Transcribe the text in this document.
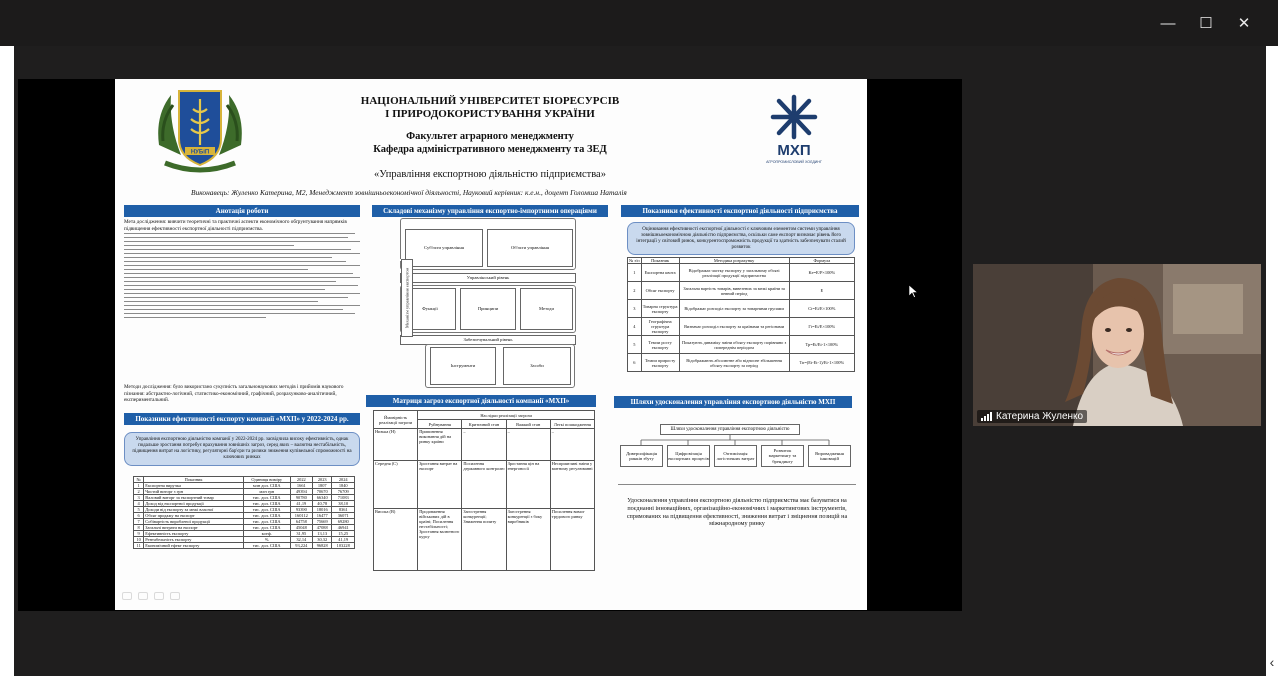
— ☐ ✕
‹
НУБіП
НАЦІОНАЛЬНИЙ УНІВЕРСИТЕТ БІОРЕСУРСІВ
І ПРИРОДОКОРИСТУВАННЯ УКРАЇНИ
Факультет аграрного менеджменту
Кафедра адміністративного менеджменту та ЗЕД
«Управління експортною діяльністю підприємства»
Виконавець: Жуленко Катерина, М2, Менеджмент зовнішньоекономічної діяльності, Науковий керівник: к.е.н., доцент Голомша Наталія
МХП
АГРОПРОМИСЛОВИЙ ХОЛДИНГ
Анотація роботи
Мета дослідження: вивчити теоретичні та практичні аспекти економічного обґрунтування напрямків підвищення ефективності експортної діяльності підприємства.
Методи дослідження: було використано сукупність загальнонаукових методів і прийомів наукового пізнання: абстрактно-логічний, статистико-економічний, графічний, розрахунково-аналітичний, експериментальний.
Показники ефективності експорту компанії «МХП» у 2022-2024 рр.
Управління експортною діяльністю компанії у 2022-2024 рр. засвідчила високу ефективність, однак подальше зростання потребує врахування зовнішніх загроз, серед яких – валютна нестабільність, підвищення витрат на логістику, регуляторні бар'єри та ризики зниження купівельної спроможності на ключових ринках
№	Показник	Одиниця виміру	2022	2023	2024
1	Експортна виручка	млн дол. США	1661	1807	1840
2	Чистий виторг з грн	млн грн	49394	70670	76709
3	Валовий виторг за експортний товар	тис. дол. США	90780	66340	71083
4	Доход від експортної продукції	тис. дол. США	41,19	40,78	38,10
5	Доходи від експорту за межі власної	тис. дол. США	93390	18016	8361
6	Обсяг продажу на експорт	тис. дол. США	160112	16477	36071
7	Собівартість виробленої продукції	тис. дол. США	64758	75669	69280
8	Загальні витрати на експорт	тис. дол. США	45048	47088	46941
9	Ефективність експорту	коеф.	31,95	13,13	15,25
10	Рентабельність експорту	%	32,14	30,32	41,19
11	Економічний ефект експорту	тис. дол. США	93,224	96828	103228
Складові механізму управління експортно-імпортними операціями
Суб'єкти управління	Об'єкти управління
Управлінський рівень
Функції	Принципи	Методи
Забезпечувальний рівень
Інструменти	Засоби
Механізм управління експортом
Матриця загроз експортної діяльності компанії «МХП»
Ймовірність реалізації загрози	Наслідки реалізації загрози			
	Руйнування	Критичний стан	Важкий стан	Легкі пошкодження
Низька (Н)	Припинення виконання дій на ринку країни	–	–	–
Середня (С)	Зростання витрат на експорт	Посилення державного контролю	Зростання цін на енергоносії	Несприятливі зміни у митному регулюванні
Висока (В)	Продовження військових дій в країні; Посилення нестабільності; Зростання валютного курсу	Загострення конкуренції; Зниження попиту	Загострення конкуренції з боку виробників	Посилення вимог трудового ринку
Показники ефективності експортної діяльності підприємства
Оцінювання ефективності експортної діяльності є ключовим елементом системи управління зовнішньоекономічною діяльністю підприємства, оскільки саме експорт визначає рівень його інтеграції у світовий ринок, конкурентоспроможність продукції та здатність забезпечувати сталий розвиток
№ з/п	Показник	Методика розрахунку	Формула
1	Експортна квота	Відображає частку експорту у загальному обсязі реалізації продукції підприємства	Kе=E/P×100%
2	Обсяг експорту	Загальна вартість товарів, вивезених за межі країни за певний період	E
3	Товарна структура експорту	Відображає розподіл експорту за товарними групами	Сі=Еі/Е×100%
4	Географічна структура експорту	Визначає розподіл експорту за країнами та регіонами	Гі=Еі/Е×100%
5	Темпи росту експорту	Показують динаміку зміни обсягу експорту порівняно з попереднім періодом	Тр=Еt/Еt-1×100%
6	Темпи приросту експорту	Відображають абсолютне або відносне збільшення обсягу експорту за період	Тп=(Еt-Еt-1)/Еt-1×100%
Шляхи удосконалення управління експортною діяльністю МХП
Шляхи удосконалення управління експортною діяльністю
Диверсифікація ринків збуту
Цифровізація експортних процесів
Оптимізація логістичних витрат
Розвиток маркетингу та брендингу
Впровадження інновацій
Удосконалення управління експортною діяльністю підприємства має базуватися на поєднанні інноваційних, організаційно-економічних і маркетингових інструментів, спрямованих на підвищення ефективності, зниження витрат і зміцнення позицій на міжнародному ринку
Катерина Жуленко
